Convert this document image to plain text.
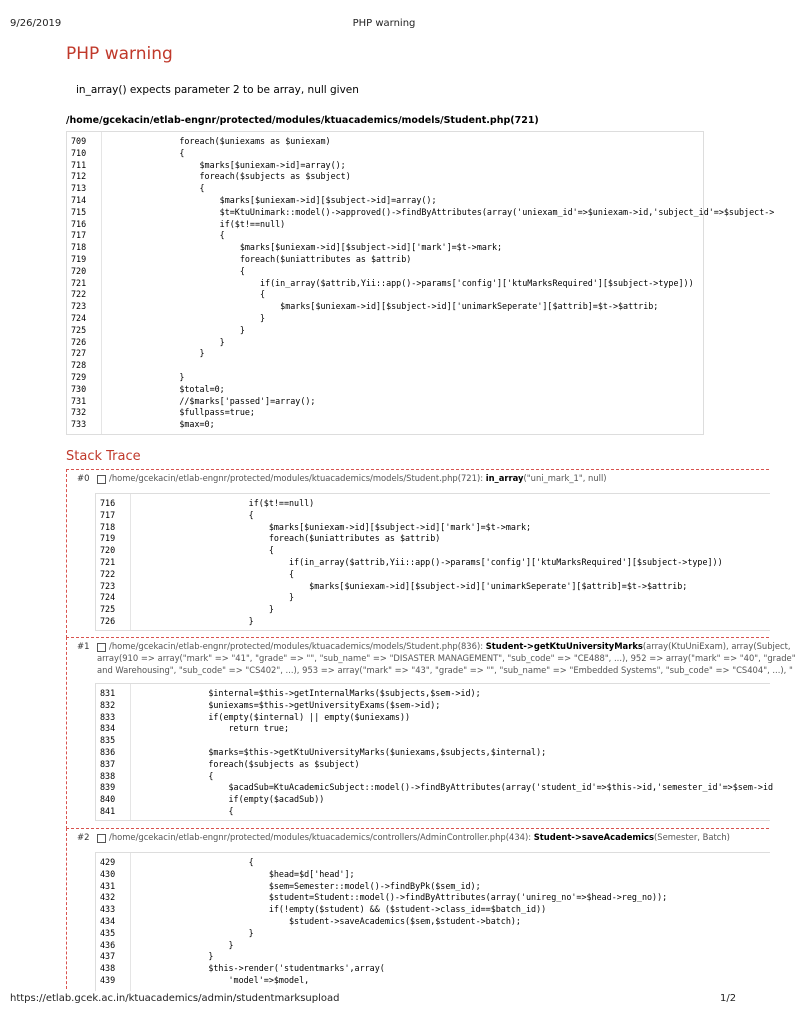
9/26/2019	PHP warning
PHP warning
in_array() expects parameter 2 to be array, null given
/home/gcekacin/etlab-engnr/protected/modules/ktuacademics/models/Student.php(721)
709	foreach($uniexams as $uniexam)
710	{
711	$marks[$uniexam->id]=array();
712	foreach($subjects as $subject)
713	{
714	$marks[$uniexam->id][$subject->id]=array();
715	$t=KtuUnimark::model()->approved()->findByAttributes(array('uniexam_id'=>$uniexam->id,'subject_id'=>$subject->
716	if($t!==null)
717	{
718	$marks[$uniexam->id][$subject->id]['mark']=$t->mark;
719	foreach($uniattributes as $attrib)
720	{
721	if(in_array($attrib,Yii::app()->params['config']['ktuMarksRequired'][$subject->type]))
722	{
723	$marks[$uniexam->id][$subject->id]['unimarkSeperate'][$attrib]=$t->$attrib;
724	}
725	}
726	}
727	}
728
729	}
730	$total=0;
731	//$marks['passed']=array();
732	$fullpass=true;
733	$max=0;
Stack Trace
#0 /home/gcekacin/etlab-engnr/protected/modules/ktuacademics/models/Student.php(721): in_array("uni_mark_1", null)
716	if($t!==null)
717	{
718	$marks[$uniexam->id][$subject->id]['mark']=$t->mark;
719	foreach($uniattributes as $attrib)
720	{
721	if(in_array($attrib,Yii::app()->params['config']['ktuMarksRequired'][$subject->type]))
722	{
723	$marks[$uniexam->id][$subject->id]['unimarkSeperate'][$attrib]=$t->$attrib;
724	}
725	}
726	}
#1 /home/gcekacin/etlab-engnr/protected/modules/ktuacademics/models/Student.php(836): Student->getKtuUniversityMarks(array(KtuUniExam), array(Subject,
array(910 => array("mark" => "41", "grade" => "", "sub_name" => "DISASTER MANAGEMENT", "sub_code" => "CE488", ...), 952 => array("mark" => "40", "grade"
and Warehousing", "sub_code" => "CS402", ...), 953 => array("mark" => "43", "grade" => "", "sub_name" => "Embedded Systems", "sub_code" => "CS404", ...), "
831	$internal=$this->getInternalMarks($subjects,$sem->id);
832	$uniexams=$this->getUniversityExams($sem->id);
833	if(empty($internal) || empty($uniexams))
834	return true;
835
836	$marks=$this->getKtuUniversityMarks($uniexams,$subjects,$internal);
837	foreach($subjects as $subject)
838	{
839	$acadSub=KtuAcademicSubject::model()->findByAttributes(array('student_id'=>$this->id,'semester_id'=>$sem->id
840	if(empty($acadSub))
841	{
#2 /home/gcekacin/etlab-engnr/protected/modules/ktuacademics/controllers/AdminController.php(434): Student->saveAcademics(Semester, Batch)
429	{
430	$head=$d['head'];
431	$sem=Semester::model()->findByPk($sem_id);
432	$student=Student::model()->findByAttributes(array('unireg_no'=>$head->reg_no));
433	if(!empty($student) && ($student->class_id==$batch_id))
434	$student->saveAcademics($sem,$student->batch);
435	}
436	}
437	}
438	$this->render('studentmarks',array(
439	'model'=>$model,
https://etlab.gcek.ac.in/ktuacademics/admin/studentmarksupload	1/2
